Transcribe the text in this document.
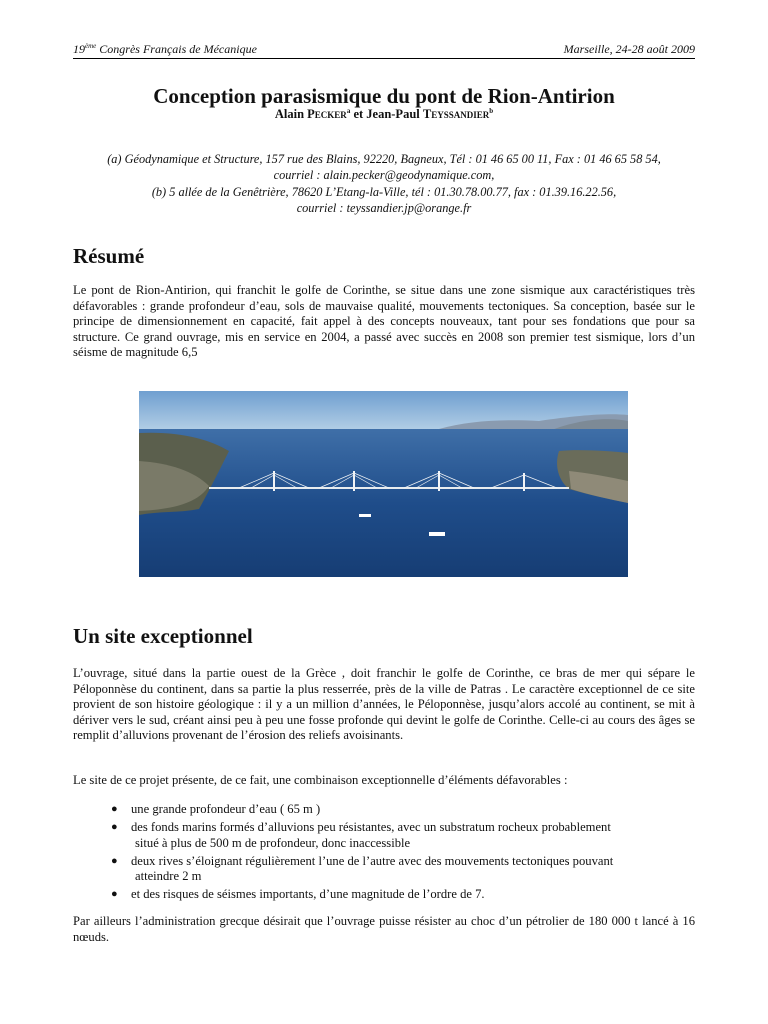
19ème Congrès Français de Mécanique	Marseille, 24-28 août 2009
Conception parasismique du pont de Rion-Antirion
Alain Pecker$^a$ et Jean-Paul Teyssandier$^b$
(a) Géodynamique et Structure, 157 rue des Blains, 92220, Bagneux, Tél : 01 46 65 00 11, Fax : 01 46 65 58 54,
courriel : alain.pecker@geodynamique.com,
(b) 5 allée de la Genêtrière, 78620 L’Etang-la-Ville, tél : 01.30.78.00.77, fax : 01.39.16.22.56,
courriel : teyssandier.jp@orange.fr
Résumé
Le pont de Rion-Antirion, qui franchit le golfe de Corinthe, se situe dans une zone sismique aux caractéristiques très défavorables : grande profondeur d’eau, sols de mauvaise qualité, mouvements tectoniques. Sa conception, basée sur le principe de dimensionnement en capacité, fait appel à des concepts nouveaux, tant pour ses fondations que pour sa structure. Ce grand ouvrage, mis en service en 2004, a passé avec succès en 2008 son premier test sismique, lors d’un séisme de magnitude 6,5
Un site exceptionnel
L’ouvrage, situé dans la partie ouest de la Grèce , doit franchir le golfe de Corinthe, ce bras de mer qui sépare le Péloponnèse du continent, dans sa partie la plus resserrée, près de la ville de Patras . Le caractère exceptionnel de ce site provient de son histoire géologique : il y a un million d’années, le Péloponnèse, jusqu’alors accolé au continent, se mit à dériver vers le sud, créant ainsi peu à peu une fosse profonde qui devint le golfe de Corinthe. Celle-ci au cours des âges se remplit d’alluvions provenant de l’érosion des reliefs avoisinants.
Le site de ce projet présente, de ce fait, une combinaison exceptionnelle d’éléments défavorables :
● une grande profondeur d’eau ( 65 m )
● des fonds marins formés d’alluvions peu résistantes, avec un substratum rocheux probablement
situé à plus de 500 m de profondeur, donc inaccessible
● deux rives s’éloignant régulièrement l’une de l’autre avec des mouvements tectoniques pouvant
atteindre 2 m
● et des risques de séismes importants, d’une magnitude de l’ordre de 7.
Par ailleurs l’administration grecque désirait que l’ouvrage puisse résister au choc d’un pétrolier de 180 000 t lancé à 16 nœuds.
